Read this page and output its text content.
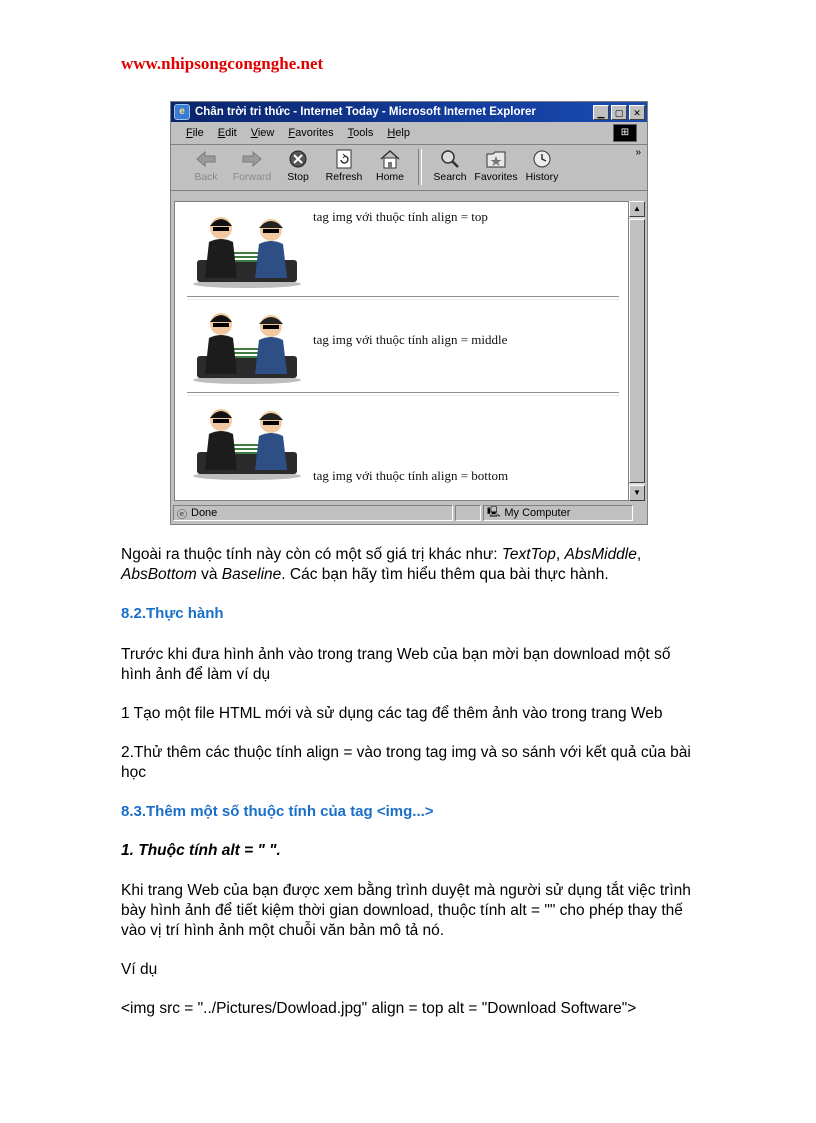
www.nhipsongcongnghe.net
e Chân trời tri thức - Internet Today - Microsoft Internet Explorer	▁	▢	✕
File Edit View Favorites Tools Help	⊞
Back	Forward	Stop	Refresh	Home	Search Favorites History
»
tag img với thuộc tính align = top
tag img với thuộc tính align = middle
tag img với thuộc tính align = bottom
▲
▼
ⓔ Done	🖳 My Computer
Ngoài ra thuộc tính này còn có một số giá trị khác như: TextTop, AbsMiddle,
AbsBottom và Baseline. Các bạn hãy tìm hiểu thêm qua bài thực hành.
8.2.Thực hành
Trước khi đưa hình ảnh vào trong trang Web của bạn mời bạn download một số hình ảnh để làm ví dụ
1 Tạo một file HTML mới và sử dụng các tag để thêm ảnh vào trong trang Web
2.Thử thêm các thuộc tính align = vào trong tag img và so sánh với kết quả của bài học
8.3.Thêm một số thuộc tính của tag <img...>
1. Thuộc tính alt = " ".
Khi trang Web của bạn được xem bằng trình duyệt mà người sử dụng tắt việc trình bày hình ảnh để tiết kiệm thời gian download, thuộc tính alt = "" cho phép thay thế vào vị trí hình ảnh một chuỗi văn bản mô tả nó.
Ví dụ
<img src = "../Pictures/Dowload.jpg" align = top alt = "Download Software">
